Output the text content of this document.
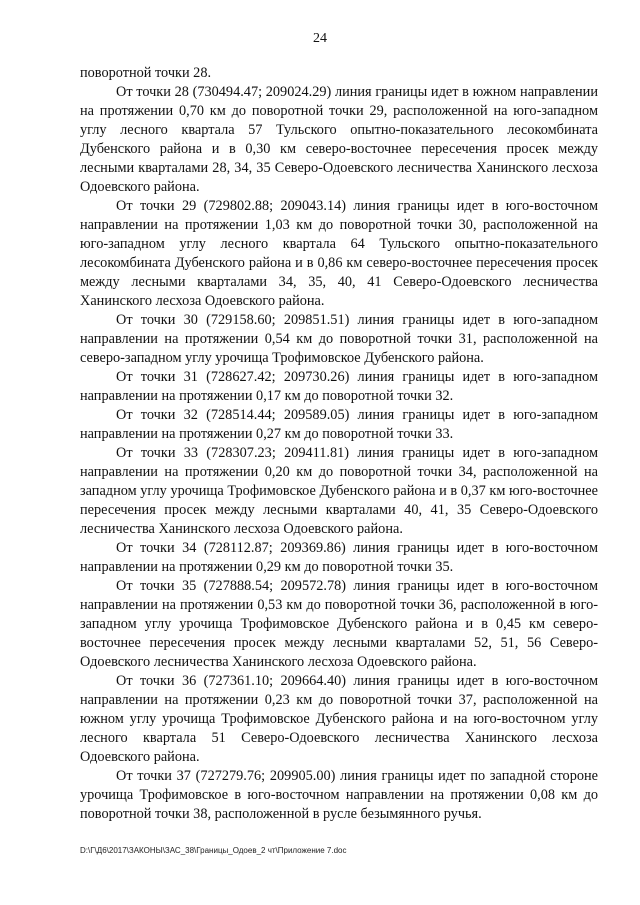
24

поворотной точки 28.

От точки 28 (730494.47; 209024.29) линия границы идет в южном направлении на протяжении 0,70 км до поворотной точки 29, расположенной на юго-западном углу лесного квартала 57 Тульского опытно-показательного лесокомбината Дубенского района и в 0,30 км северо-восточнее пересечения просек между лесными кварталами 28, 34, 35 Северо-Одоевского лесничества Ханинского лесхоза Одоевского района.

От точки 29 (729802.88; 209043.14) линия границы идет в юго-восточном направлении на протяжении 1,03 км до поворотной точки 30, расположенной на юго-западном углу лесного квартала 64 Тульского опытно-показательного лесокомбината Дубенского района и в 0,86 км северо-восточнее пересечения просек между лесными кварталами 34, 35, 40, 41 Северо-Одоевского лесничества Ханинского лесхоза Одоевского района.

От точки 30 (729158.60; 209851.51) линия границы идет в юго-западном направлении на протяжении 0,54 км до поворотной точки 31, расположенной на северо-западном углу урочища Трофимовское Дубенского района.

От точки 31 (728627.42; 209730.26) линия границы идет в юго-западном направлении на протяжении 0,17 км до поворотной точки 32.

От точки 32 (728514.44; 209589.05) линия границы идет в юго-западном направлении на протяжении 0,27 км до поворотной точки 33.

От точки 33 (728307.23; 209411.81) линия границы идет в юго-западном направлении на протяжении 0,20 км до поворотной точки 34, расположенной на западном углу урочища Трофимовское Дубенского района и в 0,37 км юго-восточнее пересечения просек между лесными кварталами 40, 41, 35 Северо-Одоевского лесничества Ханинского лесхоза Одоевского района.

От точки 34 (728112.87; 209369.86) линия границы идет в юго-восточном направлении на протяжении 0,29 км до поворотной точки 35.

От точки 35 (727888.54; 209572.78) линия границы идет в юго-восточном направлении на протяжении 0,53 км до поворотной точки 36, расположенной в юго-западном углу урочища Трофимовское Дубенского района и в 0,45 км северо-восточнее пересечения просек между лесными кварталами 52, 51, 56 Северо-Одоевского лесничества Ханинского лесхоза Одоевского района.

От точки 36 (727361.10; 209664.40) линия границы идет в юго-восточном направлении на протяжении 0,23 км до поворотной точки 37, расположенной на южном углу урочища Трофимовское Дубенского района и на юго-восточном углу лесного квартала 51 Северо-Одоевского лесничества Ханинского лесхоза Одоевского района.

От точки 37 (727279.76; 209905.00) линия границы идет по западной стороне урочища Трофимовское в юго-восточном направлении на протяжении 0,08 км до поворотной точки 38, расположенной в русле безымянного ручья.

D:\Г\Д6\2017\ЗАКОНЫ\ЗАС_38\Границы_Одоев_2 чт\Приложение 7.doc
